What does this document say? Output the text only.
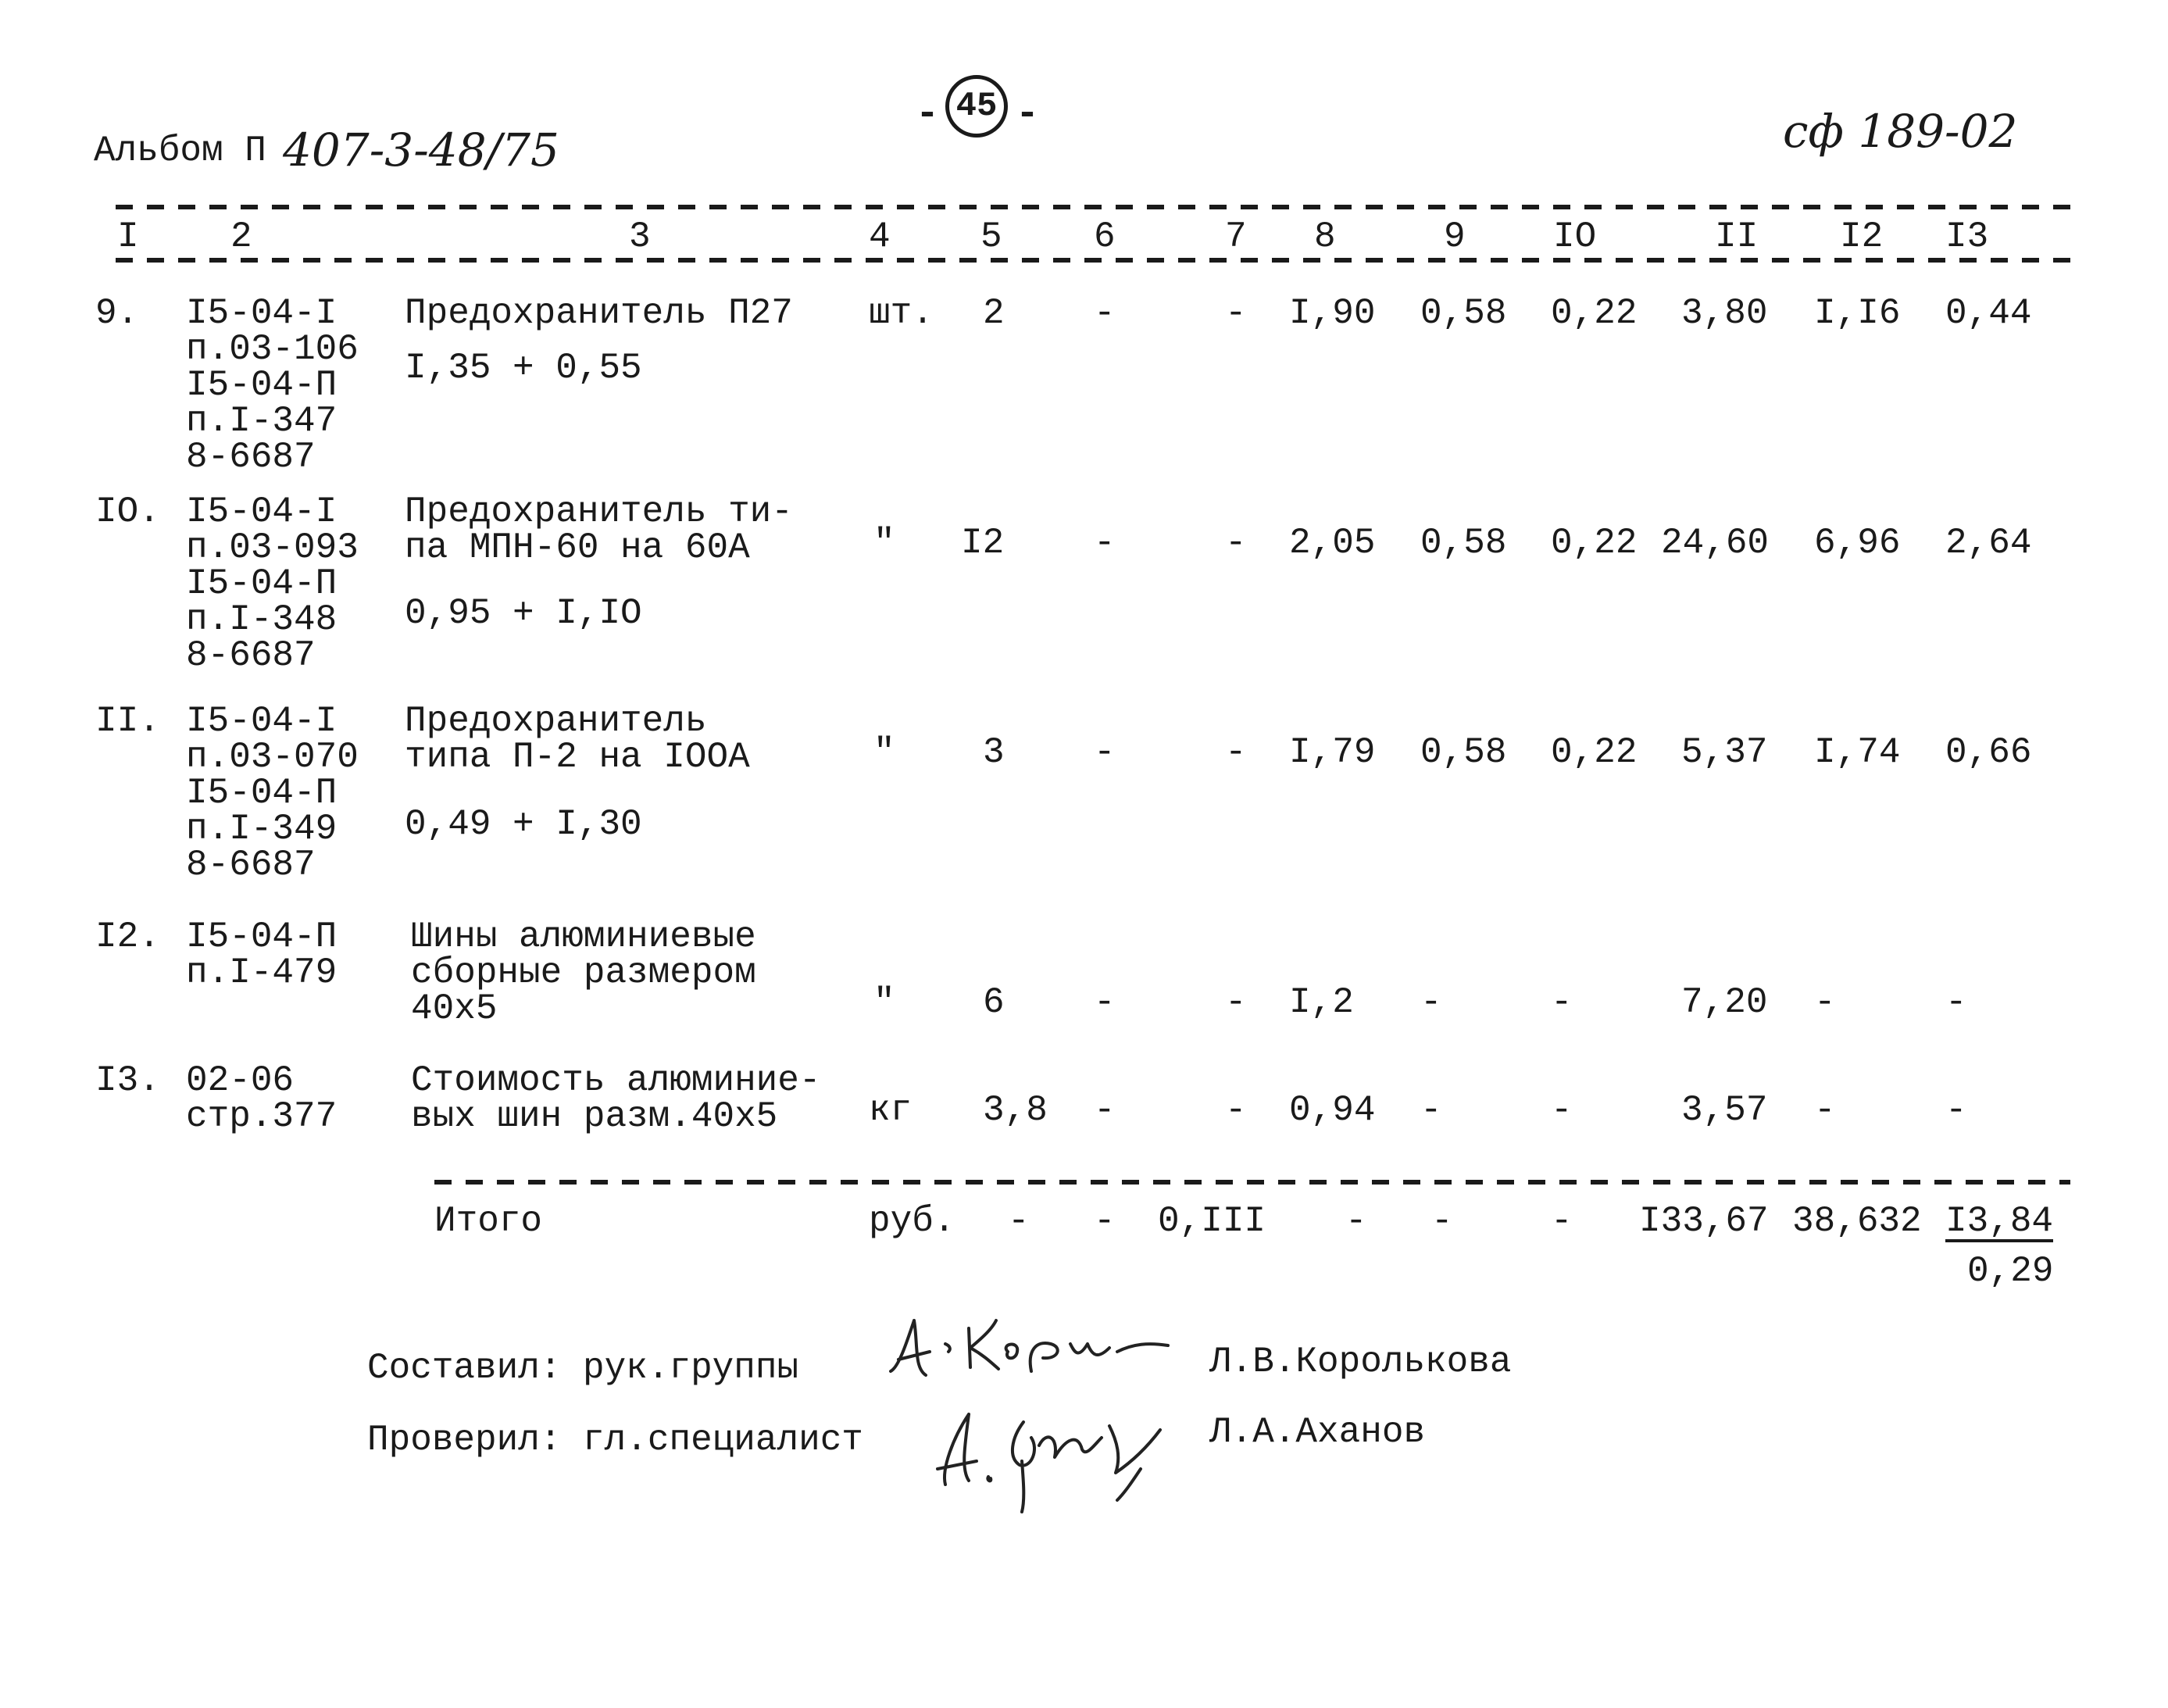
Альбом П 407-3-48/75
- 45 -	сф 189-02
I	2	3	4	5	6	7 8	9 IO	II I2 I3
9. I5-04-I
п.03-106
I5-04-П
п.I-347
8-6687
Предохранитель П27
I,35 + 0,55
шт. 2 -	- I,90 0,58 0,22 3,80 I,I6 0,44
IO. I5-04-I
п.03-093
I5-04-П
п.I-348
8-6687
Предохранитель ти-
па МПН-60 на 60А
0,95 + I,IO
" I2 -	- 2,05 0,58 0,22 24,60 6,96 2,64
II. I5-04-I
п.03-070
I5-04-П
п.I-349
8-6687
Предохранитель
типа П-2 на IOOA
0,49 + I,30
" 3 -	- I,79 0,58 0,22 5,37 I,74 0,66
I2. I5-04-П
п.I-479
Шины алюминиевые
сборные размером
40х5	" 6 -	- I,2 -	-	7,20 -	-
I3. 02-06
стр.377
Стоимость алюминие-
вых шин разм.40х5	кг 3,8 -	- 0,94 -	-	3,57 -	-
Итого	руб. - - 0,III - -	- I33,67 38,632 I3,84
0,29
Составил: рук.группы	Л.В.Королькова
Проверил: гл.специалист	Л.А.Аханов
